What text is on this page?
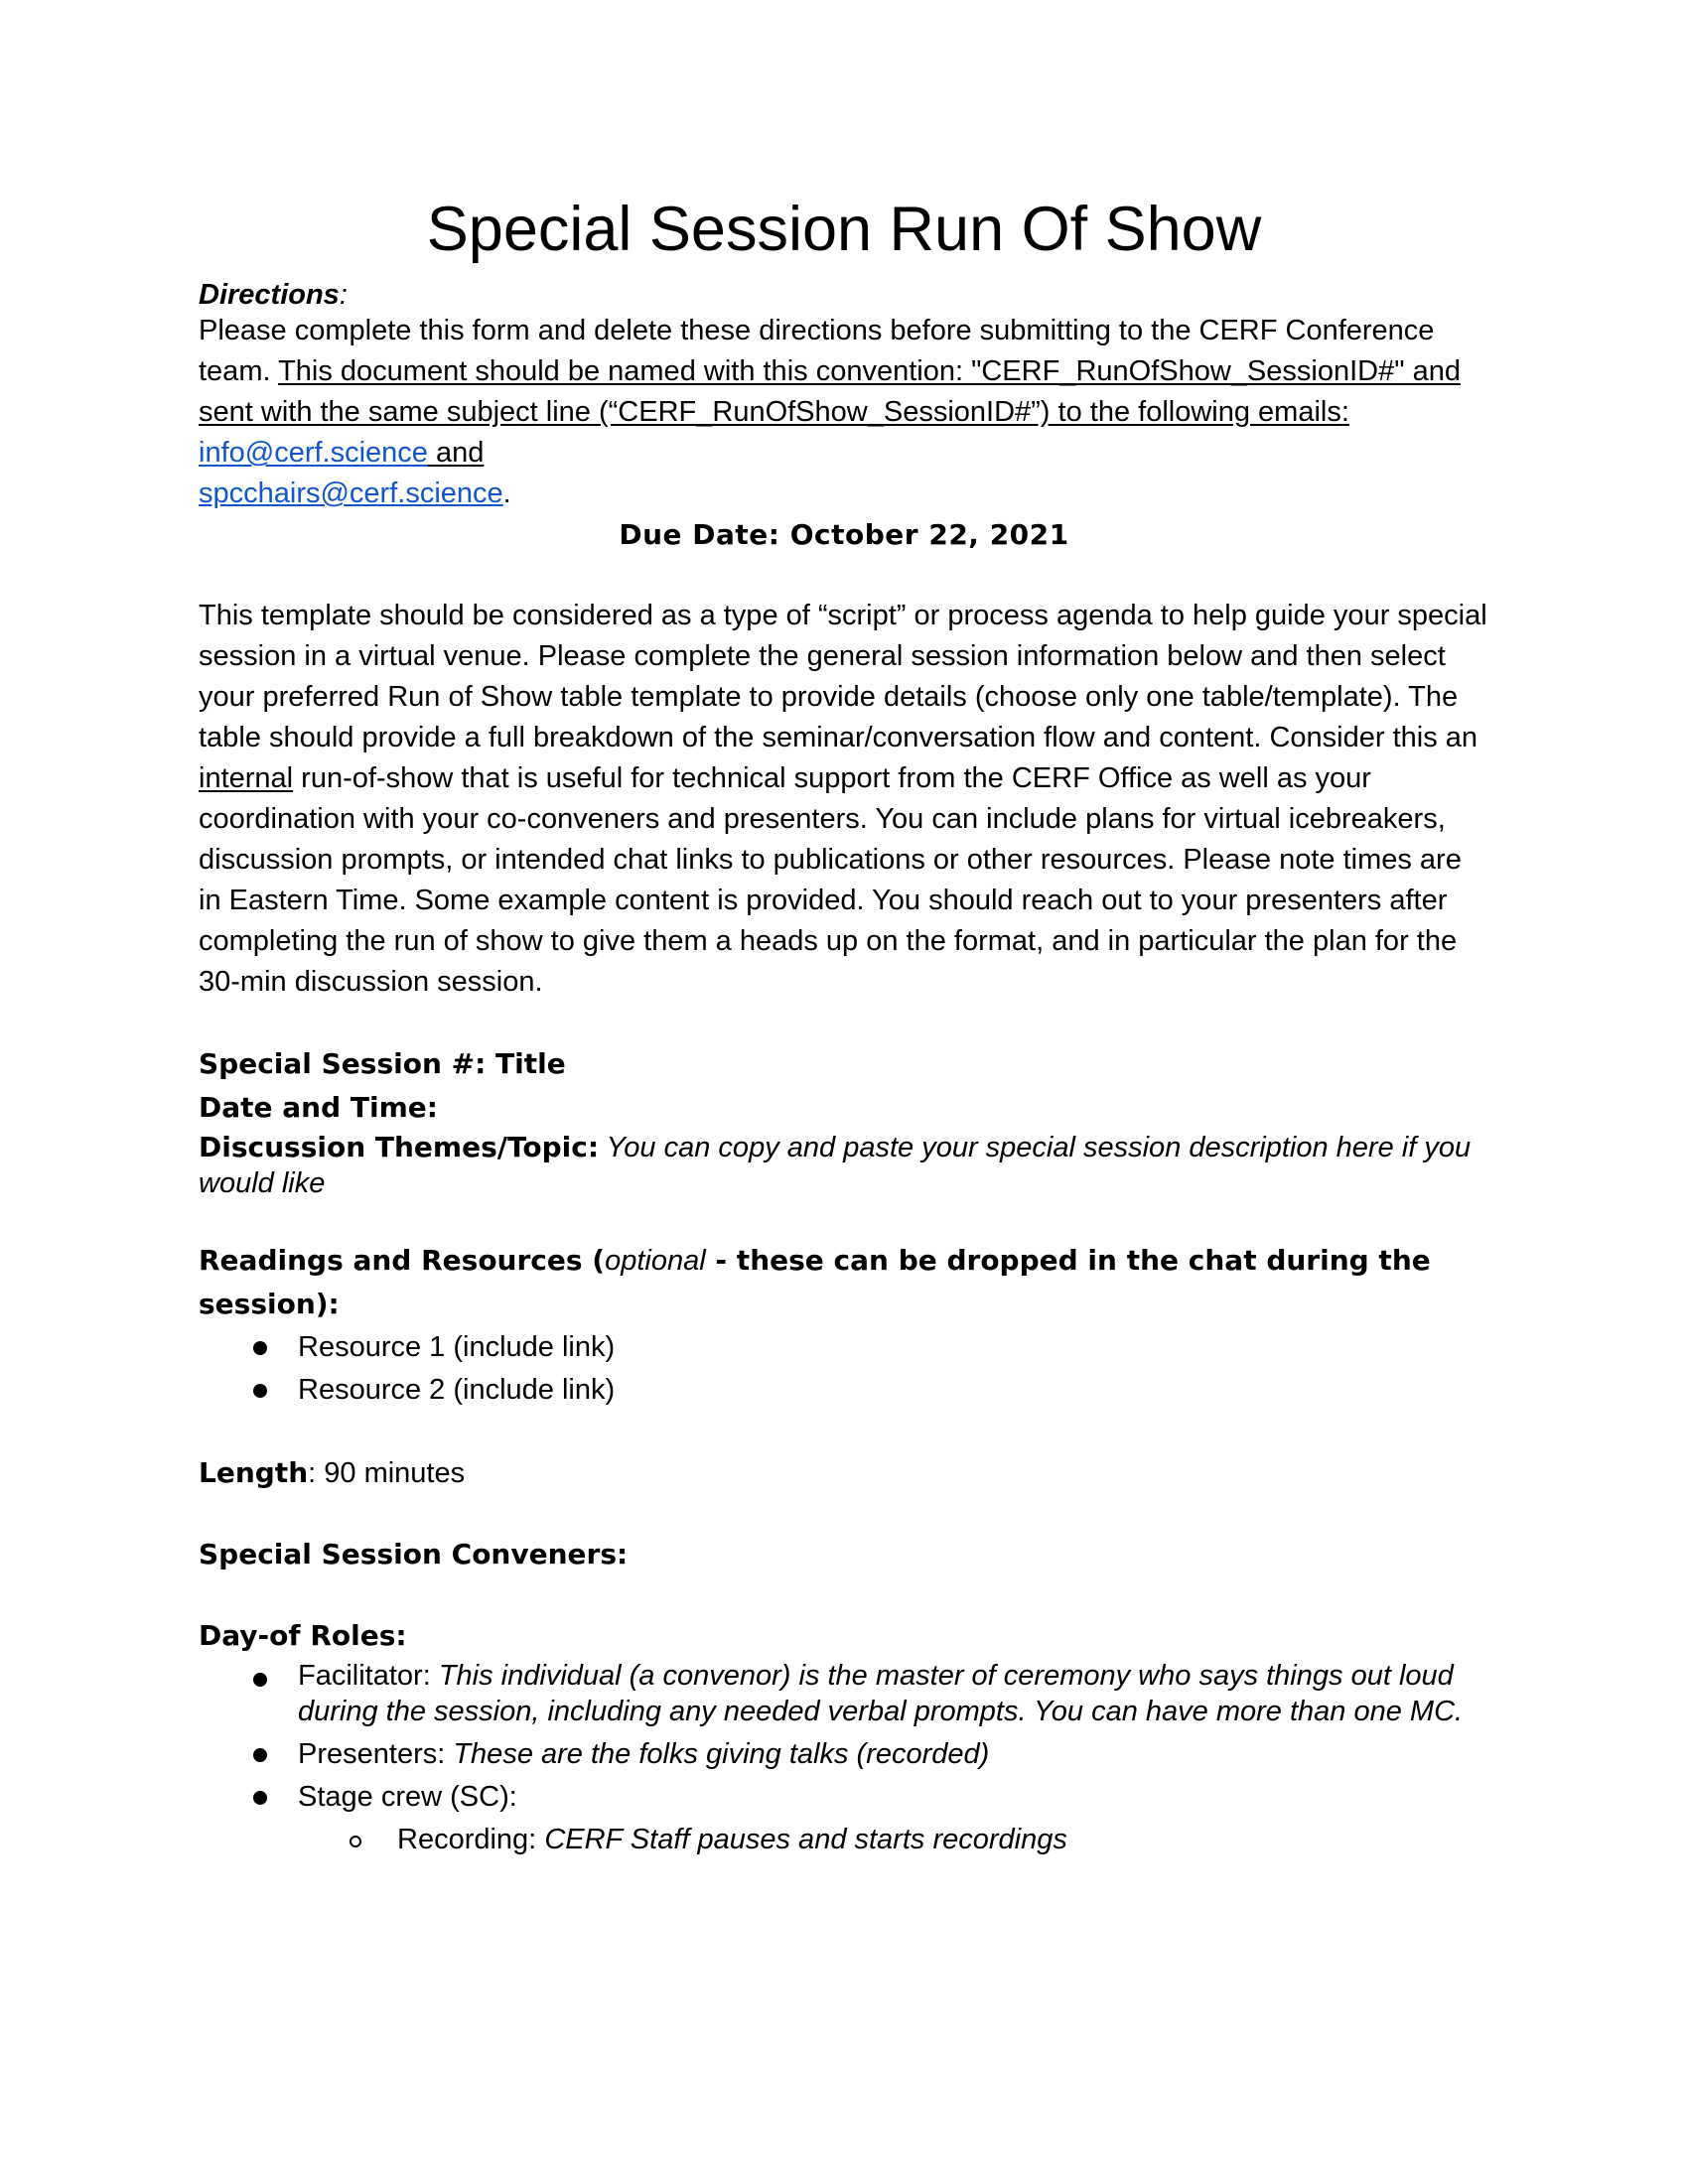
Special Session Run Of Show
Directions:
Please complete this form and delete these directions before submitting to the CERF Conference team. This document should be named with this convention: "CERF_RunOfShow_SessionID#" and sent with the same subject line (“CERF_RunOfShow_SessionID#”) to the following emails: info@cerf.science and
spcchairs@cerf.science.
Due Date: October 22, 2021
This template should be considered as a type of “script” or process agenda to help guide your special session in a virtual venue. Please complete the general session information below and then select your preferred Run of Show table template to provide details (choose only one table/template). The table should provide a full breakdown of the seminar/conversation flow and content. Consider this an internal run-of-show that is useful for technical support from the CERF Office as well as your coordination with your co-conveners and presenters. You can include plans for virtual icebreakers, discussion prompts, or intended chat links to publications or other resources. Please note times are in Eastern Time. Some example content is provided. You should reach out to your presenters after completing the run of show to give them a heads up on the format, and in particular the plan for the 30-min discussion session.
Special Session #: Title
Date and Time:
Discussion Themes/Topic: You can copy and paste your special session description here if you would like
Readings and Resources (optional - these can be dropped in the chat during the session):
Resource 1 (include link)
Resource 2 (include link)
Length: 90 minutes
Special Session Conveners:
Day-of Roles:
Facilitator: This individual (a convenor) is the master of ceremony who says things out loud during the session, including any needed verbal prompts. You can have more than one MC.
Presenters: These are the folks giving talks (recorded)
Stage crew (SC):
Recording: CERF Staff pauses and starts recordings
